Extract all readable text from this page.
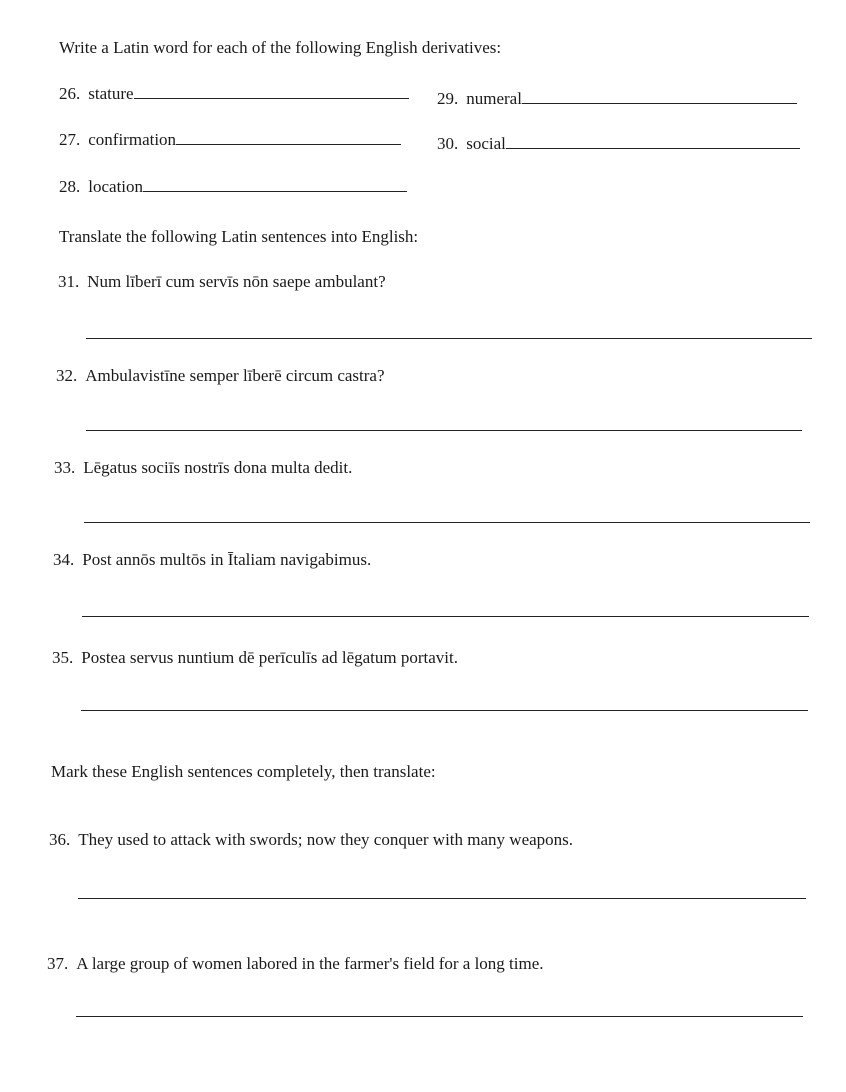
Write a Latin word for each of the following English derivatives:
26. stature
27. confirmation
28. location
29. numeral
30. social
Translate the following Latin sentences into English:
31. Num līberī cum servīs nōn saepe ambulant?
32. Ambulavistīne semper līberē circum castra?
33. Lēgatus sociīs nostrīs dona multa dedit.
34. Post annōs multōs in Ītaliam navigabimus.
35. Postea servus nuntium dē perīculīs ad lēgatum portavit.
Mark these English sentences completely, then translate:
36. They used to attack with swords; now they conquer with many weapons.
37. A large group of women labored in the farmer's field for a long time.
